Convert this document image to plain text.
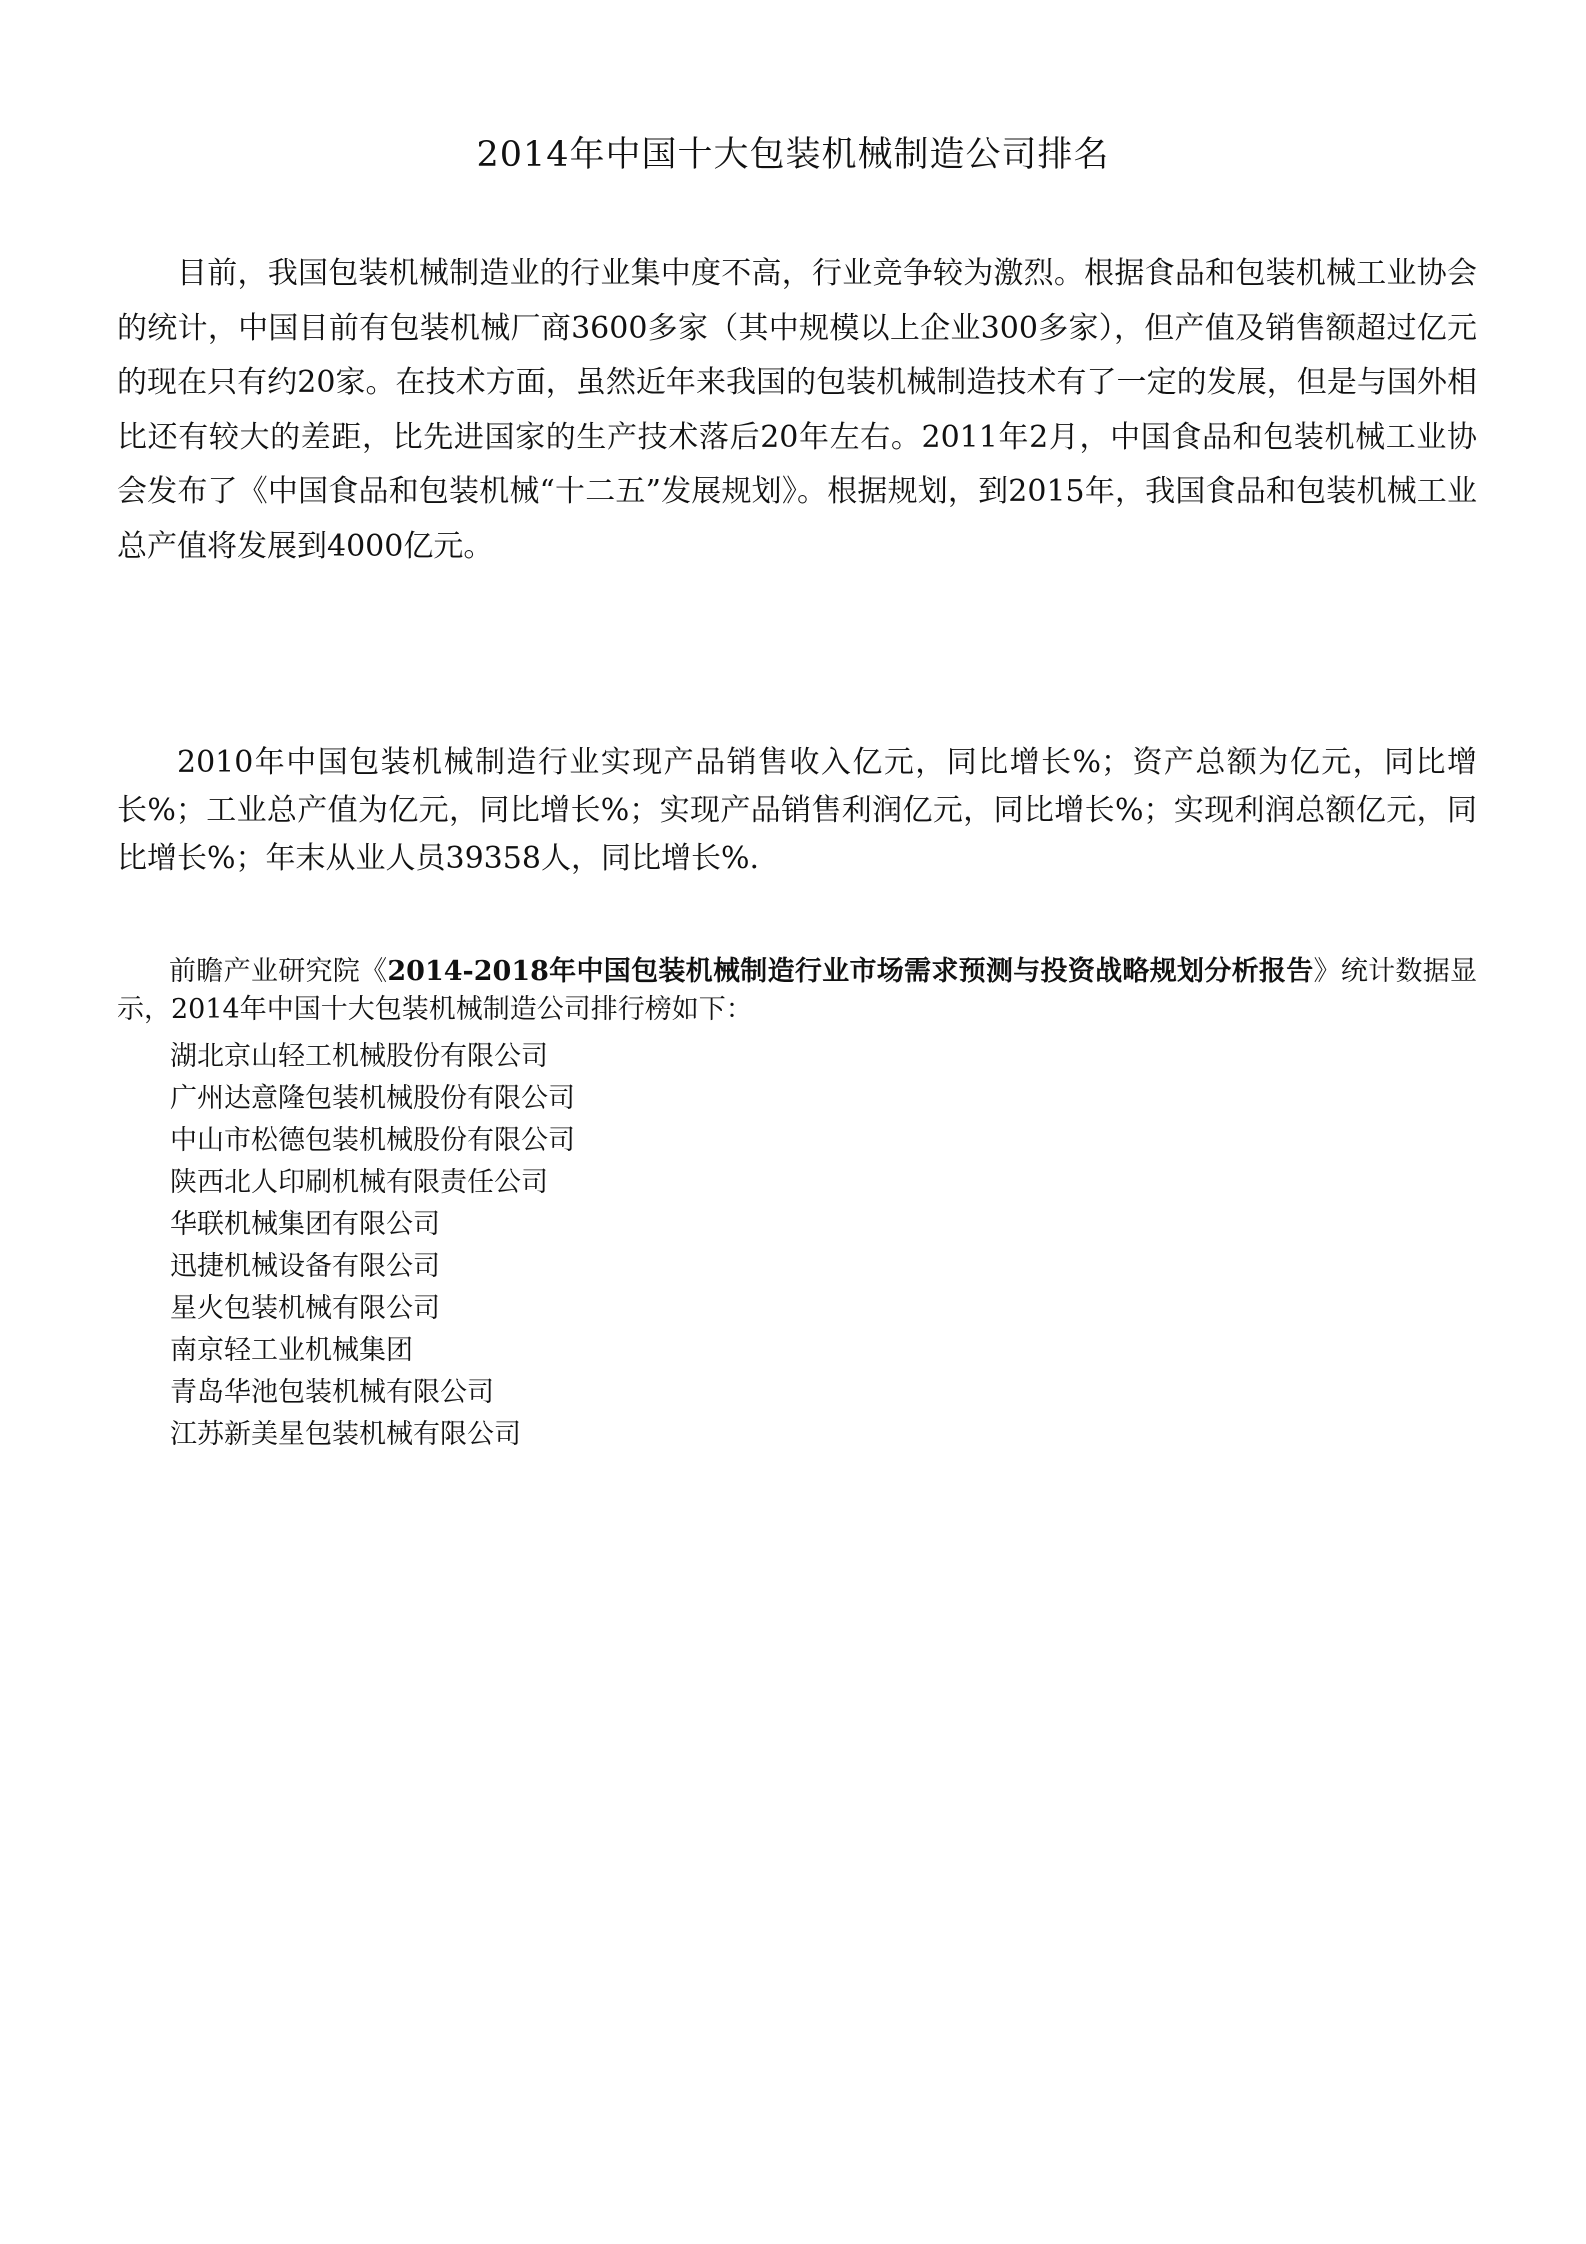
2014年中国十大包装机械制造公司排名

目前，我国包装机械制造业的行业集中度不高，行业竞争较为激烈。根据食品和包装机械工业协会的统计，中国目前有包装机械厂商3600多家（其中规模以上企业300多家），但产值及销售额超过亿元的现在只有约20家。在技术方面，虽然近年来我国的包装机械制造技术有了一定的发展，但是与国外相比还有较大的差距，比先进国家的生产技术落后20年左右。2011年2月，中国食品和包装机械工业协会发布了《中国食品和包装机械“十二五”发展规划》。根据规划，到2015年，我国食品和包装机械工业总产值将发展到4000亿元。

2010年中国包装机械制造行业实现产品销售收入亿元，同比增长%；资产总额为亿元，同比增长%；工业总产值为亿元，同比增长%；实现产品销售利润亿元，同比增长%；实现利润总额亿元，同比增长%；年末从业人员39358人，同比增长%.

前瞻产业研究院《2014-2018年中国包装机械制造行业市场需求预测与投资战略规划分析报告》统计数据显示，2014年中国十大包装机械制造公司排行榜如下：

湖北京山轻工机械股份有限公司
广州达意隆包装机械股份有限公司
中山市松德包装机械股份有限公司
陕西北人印刷机械有限责任公司
华联机械集团有限公司
迅捷机械设备有限公司
星火包装机械有限公司
南京轻工业机械集团
青岛华池包装机械有限公司
江苏新美星包装机械有限公司
